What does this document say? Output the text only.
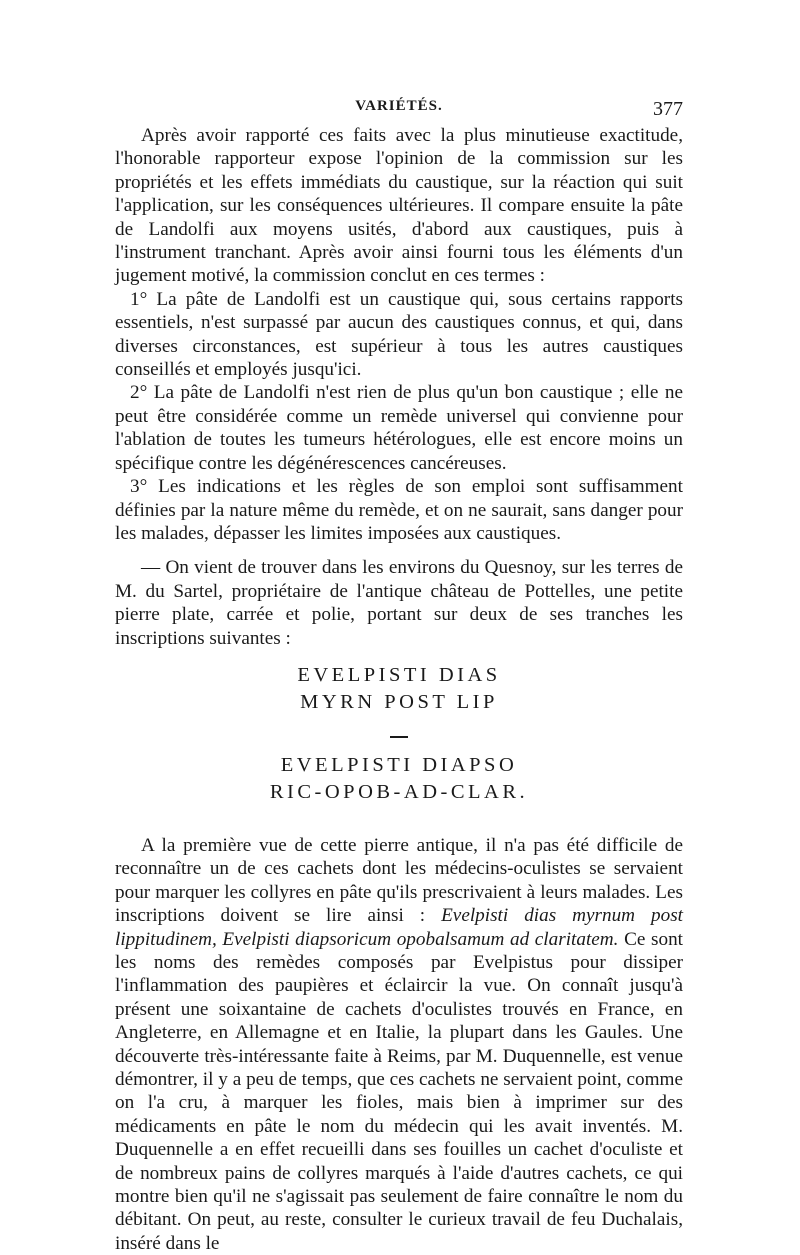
VARIÉTÉS.	377

Après avoir rapporté ces faits avec la plus minutieuse exactitude, l'honorable rapporteur expose l'opinion de la commission sur les propriétés et les effets immédiats du caustique, sur la réaction qui suit l'application, sur les conséquences ultérieures. Il compare ensuite la pâte de Landolfi aux moyens usités, d'abord aux caustiques, puis à l'instrument tranchant. Après avoir ainsi fourni tous les éléments d'un jugement motivé, la commission conclut en ces termes :

1° La pâte de Landolfi est un caustique qui, sous certains rapports essentiels, n'est surpassé par aucun des caustiques connus, et qui, dans diverses circonstances, est supérieur à tous les autres caustiques conseillés et employés jusqu'ici.

2° La pâte de Landolfi n'est rien de plus qu'un bon caustique ; elle ne peut être considérée comme un remède universel qui convienne pour l'ablation de toutes les tumeurs hétérologues, elle est encore moins un spécifique contre les dégénérescences cancéreuses.

3° Les indications et les règles de son emploi sont suffisamment définies par la nature même du remède, et on ne saurait, sans danger pour les malades, dépasser les limites imposées aux caustiques.

— On vient de trouver dans les environs du Quesnoy, sur les terres de M. du Sartel, propriétaire de l'antique château de Pottelles, une petite pierre plate, carrée et polie, portant sur deux de ses tranches les inscriptions suivantes :

EVELPISTI DIAS
MYRN POST LIP
EVELPISTI DIAPSO
RIC-OPOB-AD-CLAR.

A la première vue de cette pierre antique, il n'a pas été difficile de reconnaître un de ces cachets dont les médecins-oculistes se servaient pour marquer les collyres en pâte qu'ils prescrivaient à leurs malades. Les inscriptions doivent se lire ainsi : Evelpisti dias myrnum post lippitudinem, Evelpisti diapsoricum opobalsamum ad claritatem. Ce sont les noms des remèdes composés par Evelpistus pour dissiper l'inflammation des paupières et éclaircir la vue. On connaît jusqu'à présent une soixantaine de cachets d'oculistes trouvés en France, en Angleterre, en Allemagne et en Italie, la plupart dans les Gaules. Une découverte très-intéressante faite à Reims, par M. Duquennelle, est venue démontrer, il y a peu de temps, que ces cachets ne servaient point, comme on l'a cru, à marquer les fioles, mais bien à imprimer sur des médicaments en pâte le nom du médecin qui les avait inventés. M. Duquennelle a en effet recueilli dans ses fouilles un cachet d'oculiste et de nombreux pains de collyres marqués à l'aide d'autres cachets, ce qui montre bien qu'il ne s'agissait pas seulement de faire connaître le nom du débitant. On peut, au reste, consulter le curieux travail de feu Duchalais, inséré dans le
